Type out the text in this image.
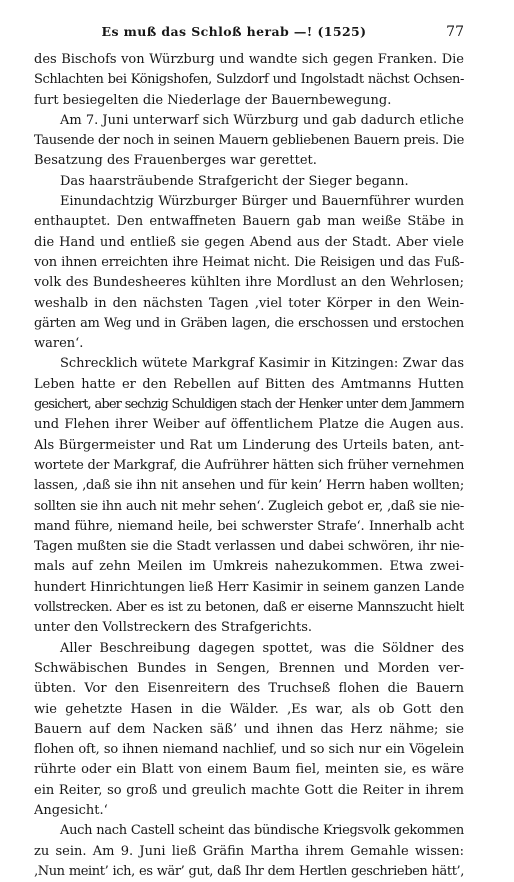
Es muß das Schloß herab —! (1525)	77
des Bischofs von Würzburg und wandte sich gegen Franken. Die
Schlachten bei Königshofen, Sulzdorf und Ingolstadt nächst Ochsen-
furt besiegelten die Niederlage der Bauernbewegung.
Am 7. Juni unterwarf sich Würzburg und gab dadurch etliche
Tausende der noch in seinen Mauern gebliebenen Bauern preis. Die
Besatzung des Frauenberges war gerettet.
Das haarsträubende Strafgericht der Sieger begann.
Einundachtzig Würzburger Bürger und Bauernführer wurden
enthauptet. Den entwaffneten Bauern gab man weiße Stäbe in
die Hand und entließ sie gegen Abend aus der Stadt. Aber viele
von ihnen erreichten ihre Heimat nicht. Die Reisigen und das Fuß-
volk des Bundesheeres kühlten ihre Mordlust an den Wehrlosen;
weshalb in den nächsten Tagen ‚viel toter Körper in den Wein-
gärten am Weg und in Gräben lagen, die erschossen und erstochen
waren‘.
Schrecklich wütete Markgraf Kasimir in Kitzingen: Zwar das
Leben hatte er den Rebellen auf Bitten des Amtmanns Hutten
gesichert, aber sechzig Schuldigen stach der Henker unter dem Jammern
und Flehen ihrer Weiber auf öffentlichem Platze die Augen aus.
Als Bürgermeister und Rat um Linderung des Urteils baten, ant-
wortete der Markgraf, die Aufrührer hätten sich früher vernehmen
lassen, ‚daß sie ihn nit ansehen und für kein’ Herrn haben wollten;
sollten sie ihn auch nit mehr sehen‘. Zugleich gebot er, ‚daß sie nie-
mand führe, niemand heile, bei schwerster Strafe‘. Innerhalb acht
Tagen mußten sie die Stadt verlassen und dabei schwören, ihr nie-
mals auf zehn Meilen im Umkreis nahezukommen. Etwa zwei-
hundert Hinrichtungen ließ Herr Kasimir in seinem ganzen Lande
vollstrecken. Aber es ist zu betonen, daß er eiserne Mannszucht hielt
unter den Vollstreckern des Strafgerichts.
Aller Beschreibung dagegen spottet, was die Söldner des
Schwäbischen Bundes in Sengen, Brennen und Morden ver-
übten. Vor den Eisenreitern des Truchseß flohen die Bauern
wie gehetzte Hasen in die Wälder. ‚Es war, als ob Gott den
Bauern auf dem Nacken säß’ und ihnen das Herz nähme; sie
flohen oft, so ihnen niemand nachlief, und so sich nur ein Vögelein
rührte oder ein Blatt von einem Baum fiel, meinten sie, es wäre
ein Reiter, so groß und greulich machte Gott die Reiter in ihrem
Angesicht.‘
Auch nach Castell scheint das bündische Kriegsvolk gekommen
zu sein. Am 9. Juni ließ Gräfin Martha ihrem Gemahle wissen:
‚Nun meint’ ich, es wär’ gut, daß Ihr dem Hertlen geschrieben hätt’,
